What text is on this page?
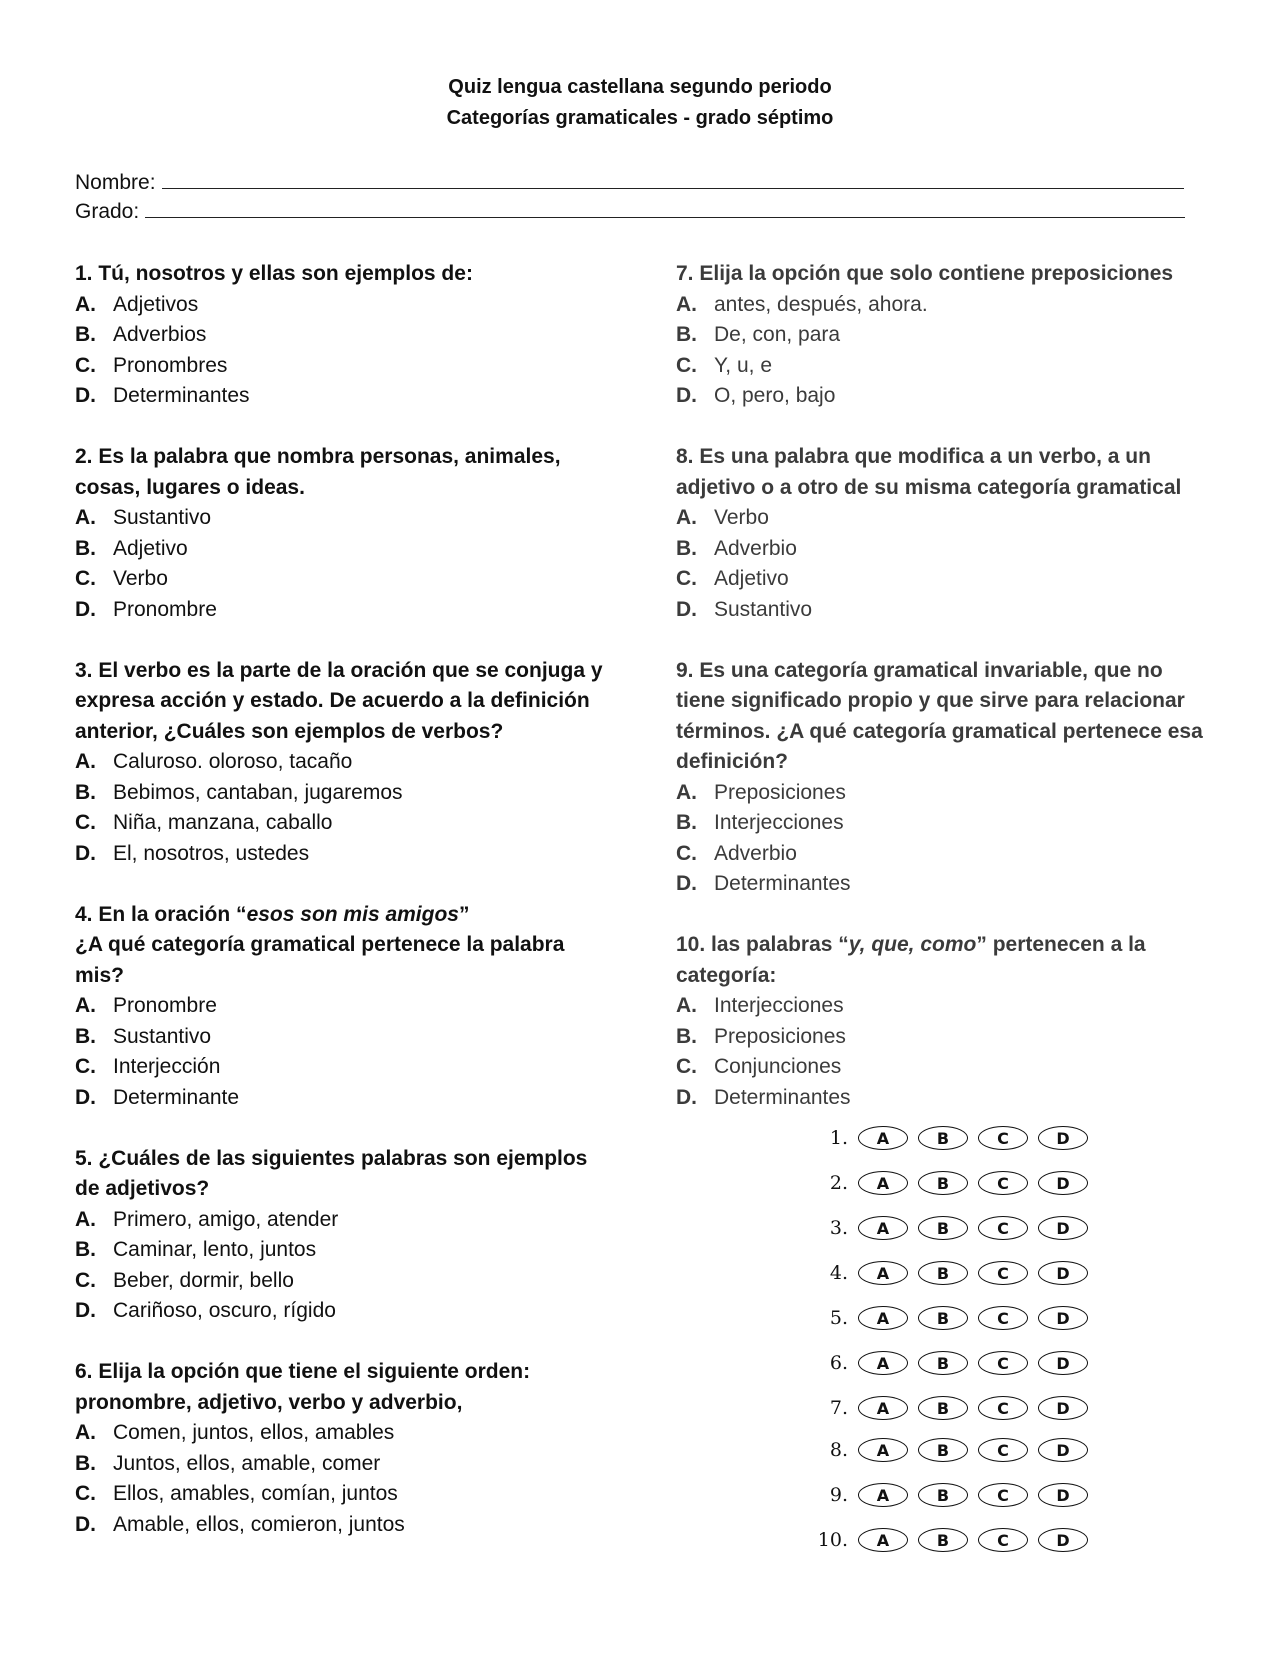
Quiz lengua castellana segundo periodo
Categorías gramaticales - grado séptimo
Nombre:
Grado:
1. Tú, nosotros y ellas son ejemplos de:
A. Adjetivos
B. Adverbios
C. Pronombres
D. Determinantes
2. Es la palabra que nombra personas, animales, cosas, lugares o ideas.
A. Sustantivo
B. Adjetivo
C. Verbo
D. Pronombre
3. El verbo es la parte de la oración que se conjuga y expresa acción y estado. De acuerdo a la definición anterior, ¿Cuáles son ejemplos de verbos?
A. Caluroso. oloroso, tacaño
B. Bebimos, cantaban, jugaremos
C. Niña, manzana, caballo
D. El, nosotros, ustedes
4. En la oración “esos son mis amigos”
¿A qué categoría gramatical pertenece la palabra mis?
A. Pronombre
B. Sustantivo
C. Interjección
D. Determinante
5. ¿Cuáles de las siguientes palabras son ejemplos de adjetivos?
A. Primero, amigo, atender
B. Caminar, lento, juntos
C. Beber, dormir, bello
D. Cariñoso, oscuro, rígido
6. Elija la opción que tiene el siguiente orden: pronombre, adjetivo, verbo y adverbio,
A. Comen, juntos, ellos, amables
B. Juntos, ellos, amable, comer
C. Ellos, amables, comían, juntos
D. Amable, ellos, comieron, juntos
7. Elija la opción que solo contiene preposiciones
A. antes, después, ahora.
B. De, con, para
C. Y, u, e
D. O, pero, bajo
8. Es una palabra que modifica a un verbo, a un adjetivo o a otro de su misma categoría gramatical
A. Verbo
B. Adverbio
C. Adjetivo
D. Sustantivo
9. Es una categoría gramatical invariable, que no tiene significado propio y que sirve para relacionar términos. ¿A qué categoría gramatical pertenece esa definición?
A. Preposiciones
B. Interjecciones
C. Adverbio
D. Determinantes
10. las palabras “y, que, como” pertenecen a la categoría:
A. Interjecciones
B. Preposiciones
C. Conjunciones
D. Determinantes
1.	A	B	C	D
2.	A	B	C	D
3.	A	B	C	D
4.	A	B	C	D
5.	A	B	C	D
6.	A	B	C	D
7.	A	B	C	D
8.	A	B	C	D
9.	A	B	C	D
10.	A	B	C	D
